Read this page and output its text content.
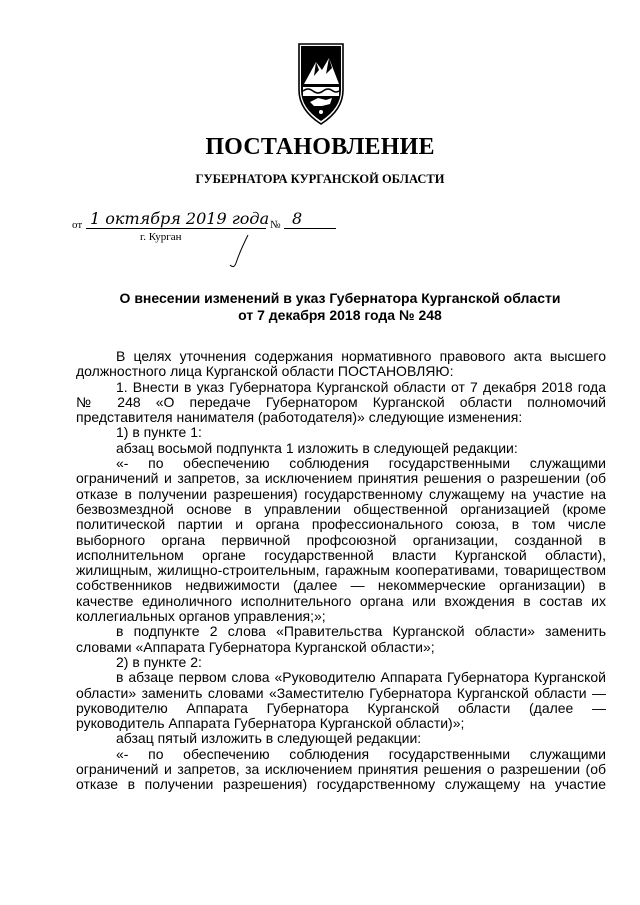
ПОСТАНОВЛЕНИЕ
ГУБЕРНАТОРА КУРГАНСКОЙ ОБЛАСТИ
от 1 октября 2019 года № 8
г. Курган
О внесении изменений в указ Губернатора Курганской области
от 7 декабря 2018 года № 248

В целях уточнения содержания нормативного правового акта высшего должностного лица Курганской области ПОСТАНОВЛЯЮ:

1. Внести в указ Губернатора Курганской области от 7 декабря 2018 года № 248 «О передаче Губернатором Курганской области полномочий представителя нанимателя (работодателя)» следующие изменения:

1) в пункте 1:

абзац восьмой подпункта 1 изложить в следующей редакции:

«- по обеспечению соблюдения государственными служащими ограничений и запретов, за исключением принятия решения о разрешении (об отказе в получении разрешения) государственному служащему на участие на безвозмездной основе в управлении общественной организацией (кроме политической партии и органа профессионального союза, в том числе выборного органа первичной профсоюзной организации, созданной в исполнительном органе государственной власти Курганской области), жилищным, жилищно-строительным, гаражным кооперативами, товариществом собственников недвижимости (далее — некоммерческие организации) в качестве единоличного исполнительного органа или вхождения в состав их коллегиальных органов управления;»;

в подпункте 2 слова «Правительства Курганской области» заменить словами «Аппарата Губернатора Курганской области»;

2) в пункте 2:

в абзаце первом слова «Руководителю Аппарата Губернатора Курганской области» заменить словами «Заместителю Губернатора Курганской области — руководителю Аппарата Губернатора Курганской области (далее — руководитель Аппарата Губернатора Курганской области)»;

абзац пятый изложить в следующей редакции:

«- по обеспечению соблюдения государственными служащими ограничений и запретов, за исключением принятия решения о разрешении (об отказе в получении разрешения) государственному служащему на участие
